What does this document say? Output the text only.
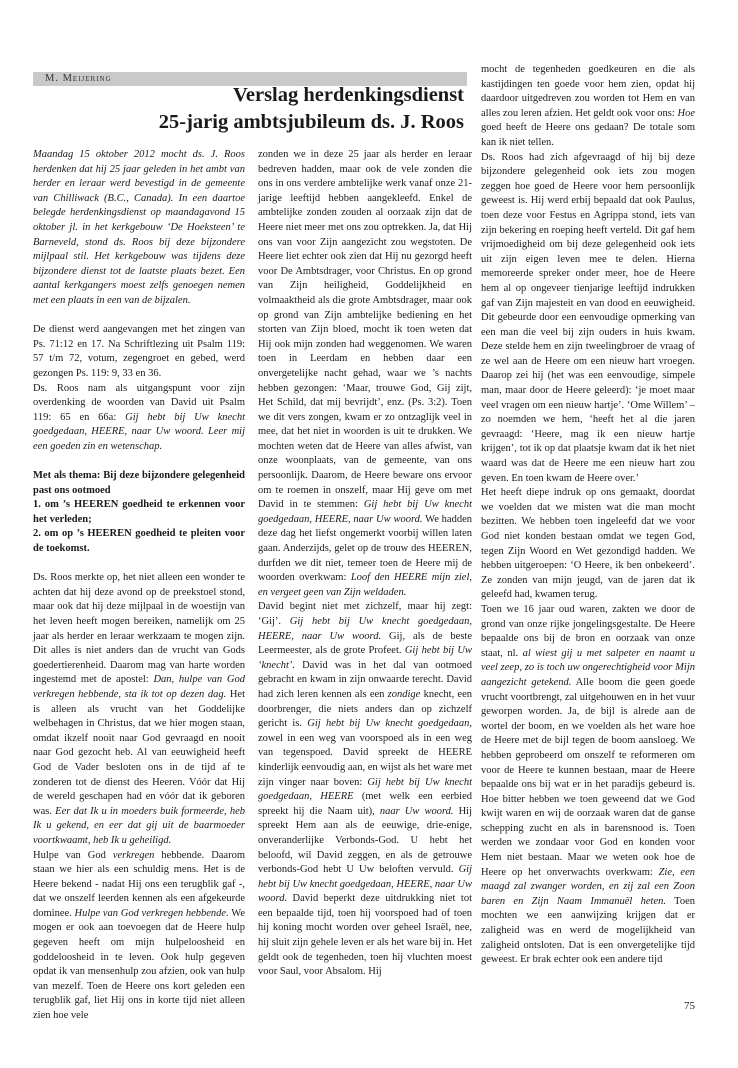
M. Meijering
Verslag herdenkingsdienst
25-jarig ambtsjubileum ds. J. Roos

Maandag 15 oktober 2012 mocht ds. J. Roos herdenken dat hij 25 jaar geleden in het ambt van herder en leraar werd bevestigd in de gemeente van Chilliwack (B.C., Canada). In een daartoe belegde herdenkingsdienst op maandagavond 15 oktober jl. in het kerkgebouw ‘De Hoeksteen’ te Barneveld, stond ds. Roos bij deze bijzondere mijlpaal stil. Het kerkgebouw was tijdens deze bijzondere dienst tot de laatste plaats bezet. Een aantal kerkgangers moest zelfs genoegen nemen met een plaats in een van de bijzalen.

De dienst werd aangevangen met het zingen van Ps. 71:12 en 17. Na Schriftlezing uit Psalm 119: 57 t/m 72, votum, zegengroet en gebed, werd gezongen Ps. 119: 9, 33 en 36.

Ds. Roos nam als uitgangspunt voor zijn overdenking de woorden van David uit Psalm 119: 65 en 66a: Gij hebt bij Uw knecht goedgedaan, HEERE, naar Uw woord. Leer mij een goeden zin en wetenschap.

Met als thema: Bij deze bijzondere gelegenheid past ons ootmoed

1. om ’s HEEREN goedheid te erkennen voor het verleden;

2. om op ’s HEEREN goedheid te pleiten voor de toekomst.

Ds. Roos merkte op, het niet alleen een wonder te achten dat hij deze avond op de preekstoel stond, maar ook dat hij deze mijlpaal in de woestijn van het leven heeft mogen bereiken, namelijk om 25 jaar als herder en leraar werkzaam te mogen zijn. Dit alles is niet anders dan de vrucht van Gods goedertierenheid. Daarom mag van harte worden ingestemd met de apostel: Dan, hulpe van God verkregen hebbende, sta ik tot op dezen dag. Het is alleen als vrucht van het Goddelijke welbehagen in Christus, dat we hier mogen staan, omdat ikzelf nooit naar God gevraagd en nooit naar God gezocht heb. Al van eeuwigheid heeft God de Vader besloten ons in de tijd af te zonderen tot de dienst des Heeren. Vóór dat Hij de wereld geschapen had en vóór dat ik geboren was. Eer dat Ik u in moeders buik formeerde, heb Ik u gekend, en eer dat gij uit de baarmoeder voortkwaamt, heb Ik u geheiligd.

Hulpe van God verkregen hebbende. Daarom staan we hier als een schuldig mens. Het is de Heere bekend - nadat Hij ons een terugblik gaf -, dat we onszelf leerden kennen als een afgekeurde dominee. Hulpe van God verkregen hebbende. We mogen er ook aan toevoegen dat de Heere hulp gegeven heeft om mijn hulpeloosheid en goddeloosheid in te leven. Ook hulp gegeven opdat ik van mensenhulp zou afzien, ook van hulp van mezelf. Toen de Heere ons kort geleden een terugblik gaf, liet Hij ons in korte tijd niet alleen zien hoe vele

zonden we in deze 25 jaar als herder en leraar bedreven hadden, maar ook de vele zonden die ons in ons verdere ambtelijke werk vanaf onze 21-jarige leeftijd hebben aangekleefd. Enkel de ambtelijke zonden zouden al oorzaak zijn dat de Heere niet meer met ons zou optrekken. Ja, dat Hij ons van voor Zijn aangezicht zou wegstoten. De Heere liet echter ook zien dat Hij nu gezorgd heeft voor De Ambtsdrager, voor Christus. En op grond van Zijn heiligheid, Goddelijkheid en volmaaktheid als die grote Ambtsdrager, maar ook op grond van Zijn ambtelijke bediening en het storten van Zijn bloed, mocht ik toen weten dat Hij ook mijn zonden had weggenomen. We waren toen in Leerdam en hebben daar een onvergetelijke nacht gehad, waar we ’s nachts hebben gezongen: ‘Maar, trouwe God, Gij zijt, Het Schild, dat mij bevrijdt’, enz. (Ps. 3:2). Toen we dit vers zongen, kwam er zo ontzaglijk veel in mee, dat het niet in woorden is uit te drukken. We mochten weten dat de Heere van alles afwist, van onze woonplaats, van de gemeente, van ons persoonlijk. Daarom, de Heere beware ons ervoor om te roemen in onszelf, maar Hij geve om met David in te stemmen: Gij hebt bij Uw knecht goedgedaan, HEERE, naar Uw woord. We hadden deze dag het liefst ongemerkt voorbij willen laten gaan. Anderzijds, gelet op de trouw des HEEREN, durfden we dit niet, temeer toen de Heere mij de woorden overkwam: Loof den HEERE mijn ziel, en vergeet geen van Zijn weldaden.

David begint niet met zichzelf, maar hij zegt: ‘Gij’. Gij hebt bij Uw knecht goedgedaan, HEERE, naar Uw woord. Gij, als de beste Leermeester, als de grote Profeet. Gij hebt bij Uw ‘knecht’. David was in het dal van ootmoed gebracht en kwam in zijn onwaarde terecht. David had zich leren kennen als een zondige knecht, een doorbrenger, die niets anders dan op zichzelf gericht is. Gij hebt bij Uw knecht goedgedaan, zowel in een weg van voorspoed als in een weg van tegenspoed. David spreekt de HEERE kinderlijk eenvoudig aan, en wijst als het ware met zijn vinger naar boven: Gij hebt bij Uw knecht goedgedaan, HEERE (met welk een eerbied spreekt hij die Naam uit), naar Uw woord. Hij spreekt Hem aan als de eeuwige, drie-enige, onveranderlijke Verbonds-God. U hebt het beloofd, wil David zeggen, en als de getrouwe verbonds-God hebt U Uw beloften vervuld. Gij hebt bij Uw knecht goedgedaan, HEERE, naar Uw woord. David beperkt deze uitdrukking niet tot een bepaalde tijd, toen hij voorspoed had of toen hij koning mocht worden over geheel Israël, nee, hij sluit zijn gehele leven er als het ware bij in. Het geldt ook de tegenheden, toen hij vluchten moest voor Saul, voor Absalom. Hij

mocht de tegenheden goedkeuren en die als kastijdingen ten goede voor hem zien, opdat hij daardoor uitgedreven zou worden tot Hem en van alles zou leren afzien. Het geldt ook voor ons: Hoe goed heeft de Heere ons gedaan? De totale som kan ik niet tellen.

Ds. Roos had zich afgevraagd of hij bij deze bijzondere gelegenheid ook iets zou mogen zeggen hoe goed de Heere voor hem persoonlijk geweest is. Hij werd erbij bepaald dat ook Paulus, toen deze voor Festus en Agrippa stond, iets van zijn bekering en roeping heeft verteld. Dit gaf hem vrijmoedigheid om bij deze gelegenheid ook iets uit zijn eigen leven mee te delen. Hierna memoreerde spreker onder meer, hoe de Heere hem al op ongeveer tienjarige leeftijd indrukken gaf van Zijn majesteit en van dood en eeuwigheid. Dit gebeurde door een eenvoudige opmerking van een man die veel bij zijn ouders in huis kwam. Deze stelde hem en zijn tweelingbroer de vraag of ze wel aan de Heere om een nieuw hart vroegen. Daarop zei hij (het was een eenvoudige, simpele man, maar door de Heere geleerd): ‘je moet maar veel vragen om een nieuw hartje’. ‘Ome Willem’ – zo noemden we hem, ‘heeft het al die jaren gevraagd: ‘Heere, mag ik een nieuw hartje krijgen’, tot ik op dat plaatsje kwam dat ik het niet waard was dat de Heere me een nieuw hart zou geven. En toen kwam de Heere over.’

Het heeft diepe indruk op ons gemaakt, doordat we voelden dat we misten wat die man mocht bezitten. We hebben toen ingeleefd dat we voor God niet konden bestaan omdat we tegen God, tegen Zijn Woord en Wet gezondigd hadden. We hebben uitgeroepen: ‘O Heere, ik ben onbekeerd’. Ze zonden van mijn jeugd, van de jaren dat ik geleefd had, kwamen terug.

Toen we 16 jaar oud waren, zakten we door de grond van onze rijke jongelingsgestalte. De Heere bepaalde ons bij de bron en oorzaak van onze staat, nl. al wiest gij u met salpeter en naamt u veel zeep, zo is toch uw ongerechtigheid voor Mijn aangezicht getekend. Alle boom die geen goede vrucht voortbrengt, zal uitgehouwen en in het vuur geworpen worden. Ja, de bijl is alrede aan de wortel der boom, en we voelden als het ware hoe de Heere met de bijl tegen de boom aansloeg. We hebben geprobeerd om onszelf te reformeren om voor de Heere te kunnen bestaan, maar de Heere bepaalde ons bij wat er in het paradijs gebeurd is. Hoe bitter hebben we toen geweend dat we God kwijt waren en wij de oorzaak waren dat de ganse schepping zucht en als in barensnood is. Toen werden we zondaar voor God en konden voor Hem niet bestaan. Maar we weten ook hoe de Heere op het onverwachts overkwam: Zie, een maagd zal zwanger worden, en zij zal een Zoon baren en Zijn Naam Immanuël heten. Toen mochten we een aanwijzing krijgen dat er zaligheid was en werd de mogelijkheid van zaligheid ontsloten. Dat is een onvergetelijke tijd geweest. Er brak echter ook een andere tijd

75
